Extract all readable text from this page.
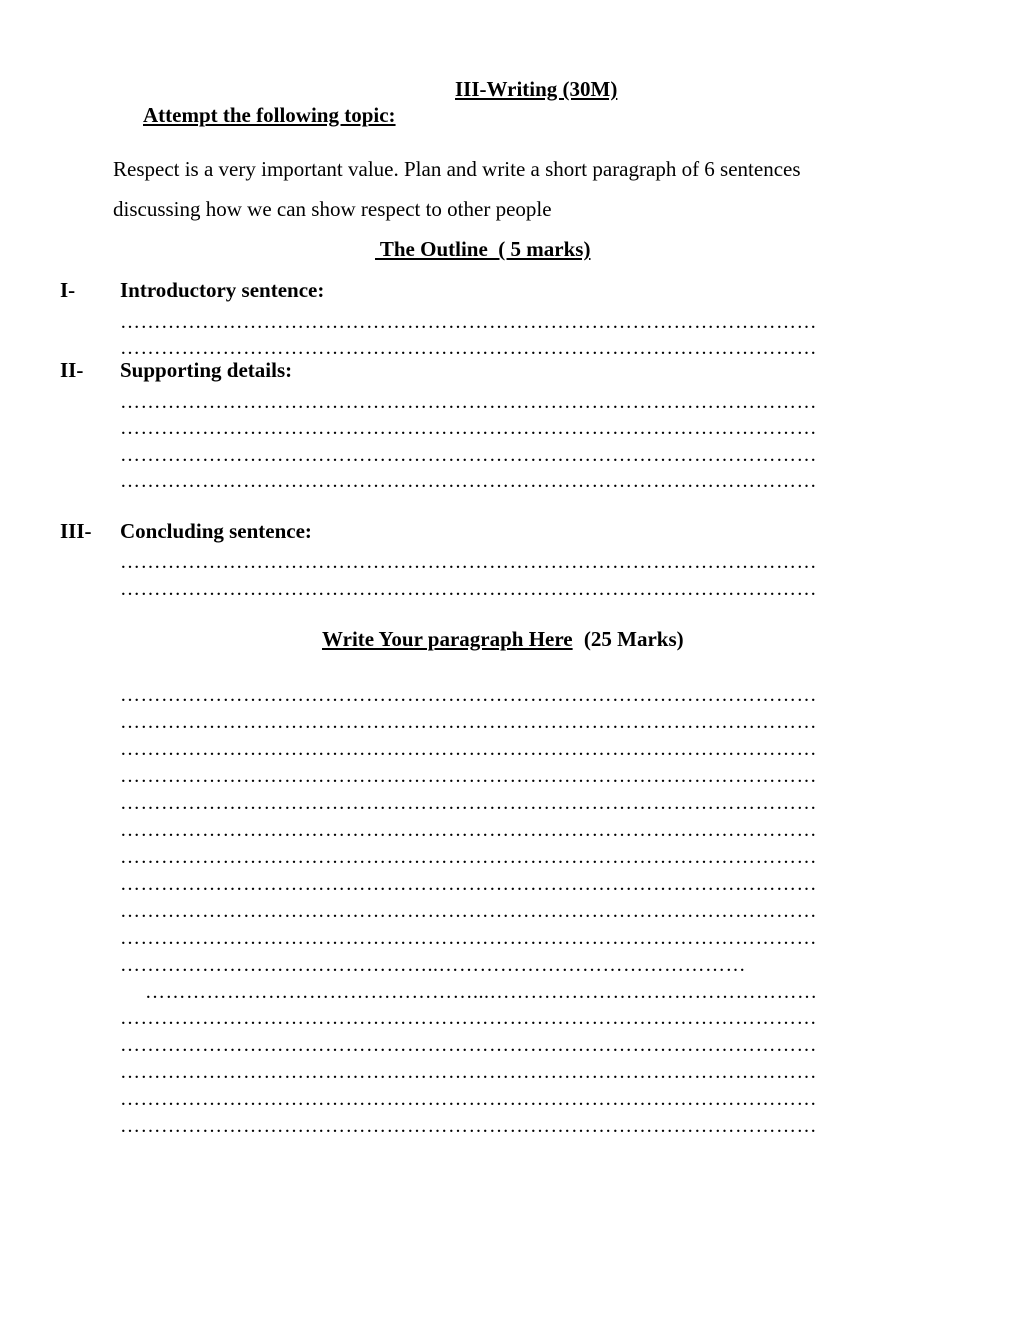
III-Writing (30M)
Attempt the following topic:
Respect is a very important value. Plan and write a short paragraph of 6 sentences
discussing how we can show respect to other people
The Outline  ( 5 marks)
I- Introductory sentence:
…………………………………………………………………………………………
…………………………………………………………………………………………
II- Supporting details:
…………………………………………………………………………………………
…………………………………………………………………………………………
…………………………………………………………………………………………
…………………………………………………………………………………………
III- Concluding sentence:
…………………………………………………………………………………………
…………………………………………………………………………………………
Write Your paragraph Here (25 Marks)
…………………………………………………………………………………………
…………………………………………………………………………………………
…………………………………………………………………………………………
…………………………………………………………………………………………
…………………………………………………………………………………………
…………………………………………………………………………………………
…………………………………………………………………………………………
…………………………………………………………………………………………
…………………………………………………………………………………………
…………………………………………………………………………………………
………………………………………..………………………………………
…………………………………………...…………………………………………
…………………………………………………………………………………………
…………………………………………………………………………………………
…………………………………………………………………………………………
…………………………………………………………………………………………
…………………………………………………………………………………………
